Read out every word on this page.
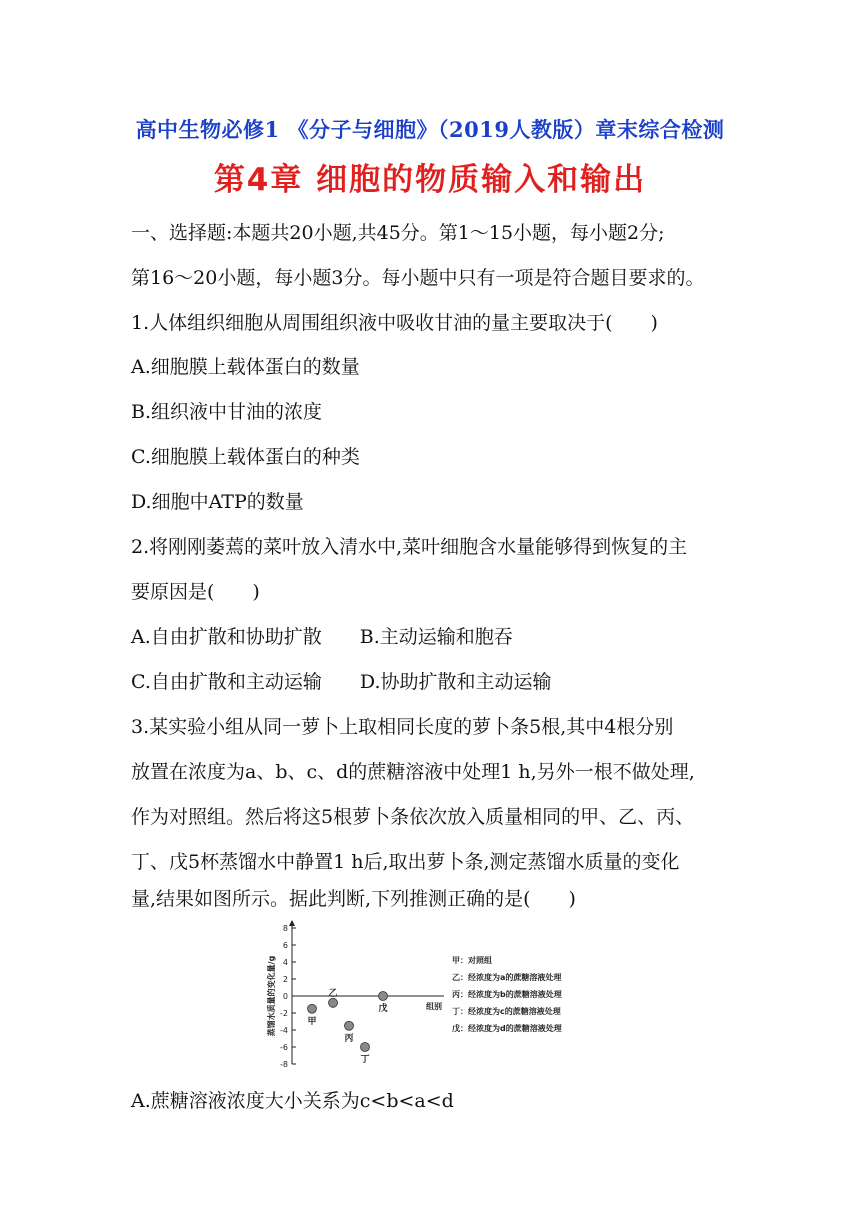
高中生物必修1 《分子与细胞》（2019人教版）章末综合检测
第4章 细胞的物质输入和输出
一、选择题:本题共20小题,共45分。第1～15小题，每小题2分;
第16～20小题，每小题3分。每小题中只有一项是符合题目要求的。
1.人体组织细胞从周围组织液中吸收甘油的量主要取决于(　　)
A.细胞膜上载体蛋白的数量
B.组织液中甘油的浓度
C.细胞膜上载体蛋白的种类
D.细胞中ATP的数量
2.将刚刚萎蔫的菜叶放入清水中,菜叶细胞含水量能够得到恢复的主
要原因是(　　)
A.自由扩散和协助扩散　　B.主动运输和胞吞
C.自由扩散和主动运输　　D.协助扩散和主动运输
3.某实验小组从同一萝卜上取相同长度的萝卜条5根,其中4根分别
放置在浓度为a、b、c、d的蔗糖溶液中处理1 h,另外一根不做处理,
作为对照组。然后将这5根萝卜条依次放入质量相同的甲、乙、丙、
丁、戊5杯蒸馏水中静置1 h后,取出萝卜条,测定蒸馏水质量的变化
量,结果如图所示。据此判断,下列推测正确的是(　　)
8
6
4
2
0
-2
-4
-6
-8
蒸馏水质量的变化量/g	组别
甲
乙
丙
丁
戊
甲：对照组
乙：经浓度为a的蔗糖溶液处理
丙：经浓度为b的蔗糖溶液处理
丁：经浓度为c的蔗糖溶液处理
戊：经浓度为d的蔗糖溶液处理
A.蔗糖溶液浓度大小关系为c<b<a<d
